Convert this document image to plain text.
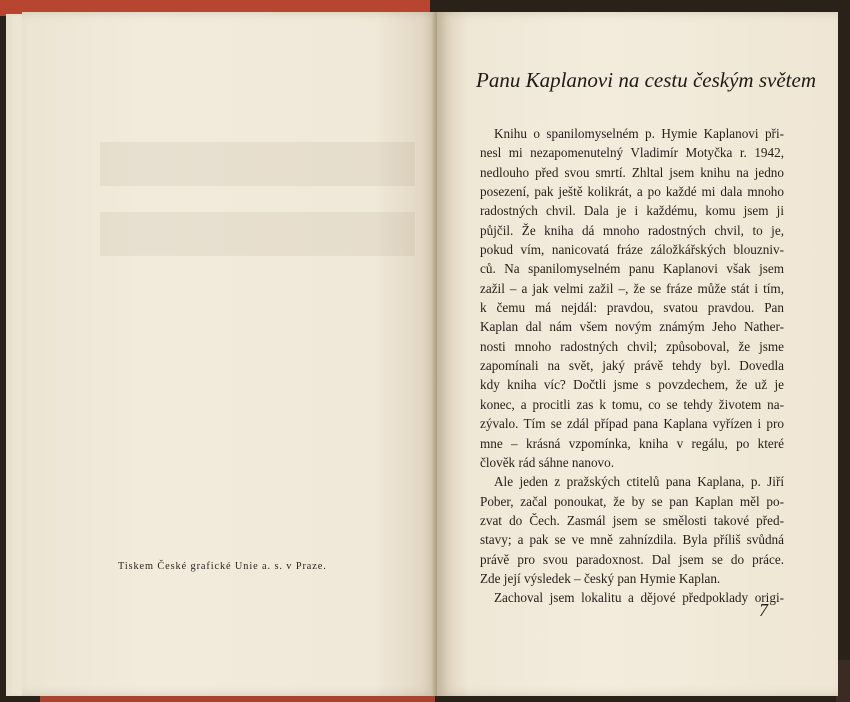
Tiskem České grafické Unie a. s. v Praze.
Panu Kaplanovi na cestu českým světem
Knihu o spanilomyselném p. Hymie Kaplanovi při-
nesl mi nezapomenutelný Vladimír Motyčka r. 1942,
nedlouho před svou smrtí. Zhltal jsem knihu na jedno
posezení, pak ještě kolikrát, a po každé mi dala mnoho
radostných chvil. Dala je i každému, komu jsem ji
půjčil. Že kniha dá mnoho radostných chvil, to je,
pokud vím, nanicovatá fráze záložkářských blouzniv-
ců. Na spanilomyselném panu Kaplanovi však jsem
zažil – a jak velmi zažil –, že se fráze může stát i tím,
k čemu má nejdál: pravdou, svatou pravdou. Pan
Kaplan dal nám všem novým známým Jeho Nather-
nosti mnoho radostných chvil; způsoboval, že jsme
zapomínali na svět, jaký právě tehdy byl. Dovedla
kdy kniha víc? Dočtli jsme s povzdechem, že už je
konec, a procitli zas k tomu, co se tehdy životem na-
zývalo. Tím se zdál případ pana Kaplana vyřízen i pro
mne – krásná vzpomínka, kniha v regálu, po které
člověk rád sáhne nanovo.
Ale jeden z pražských ctitelů pana Kaplana, p. Jiří
Pober, začal ponoukat, že by se pan Kaplan měl po-
zvat do Čech. Zasmál jsem se smělosti takové před-
stavy; a pak se ve mně zahnízdila. Byla příliš svůdná
právě pro svou paradoxnost. Dal jsem se do práce.
Zde její výsledek – český pan Hymie Kaplan.
Zachoval jsem lokalitu a dějové předpoklady origi-
7
